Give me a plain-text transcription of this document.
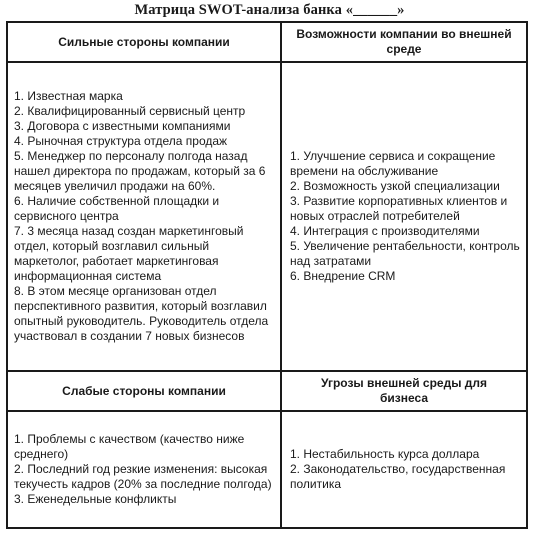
Матрица SWOT-анализа банка «______»
Сильные стороны компании
Возможности компании во внешней среде
1. Известная марка
2. Квалифицированный сервисный центр
3. Договора с известными компаниями
4. Рыночная структура отдела продаж
5. Менеджер по персоналу полгода назад нашел директора по продажам, который за 6 месяцев увеличил продажи на 60%.
6. Наличие собственной площадки и сервисного центра
7. 3 месяца назад создан маркетинговый отдел, который возглавил сильный маркетолог, работает маркетинговая информационная система
8. В этом месяце организован отдел перспективного развития, который возглавил опытный руководитель. Руководитель отдела участвовал в создании 7 новых бизнесов
1. Улучшение сервиса и сокращение времени на обслуживание
2. Возможность узкой специализации
3. Развитие корпоративных клиентов и новых отраслей потребителей
4. Интеграция с производителями
5. Увеличение рентабельности, контроль над затратами
6. Внедрение CRM
Слабые стороны компании
Угрозы внешней среды для бизнеса
1. Проблемы с качеством (качество ниже среднего)
2. Последний год резкие изменения: высокая текучесть кадров (20% за последние полгода)
3. Еженедельные конфликты
1. Нестабильность курса доллара
2. Законодательство, государственная политика
